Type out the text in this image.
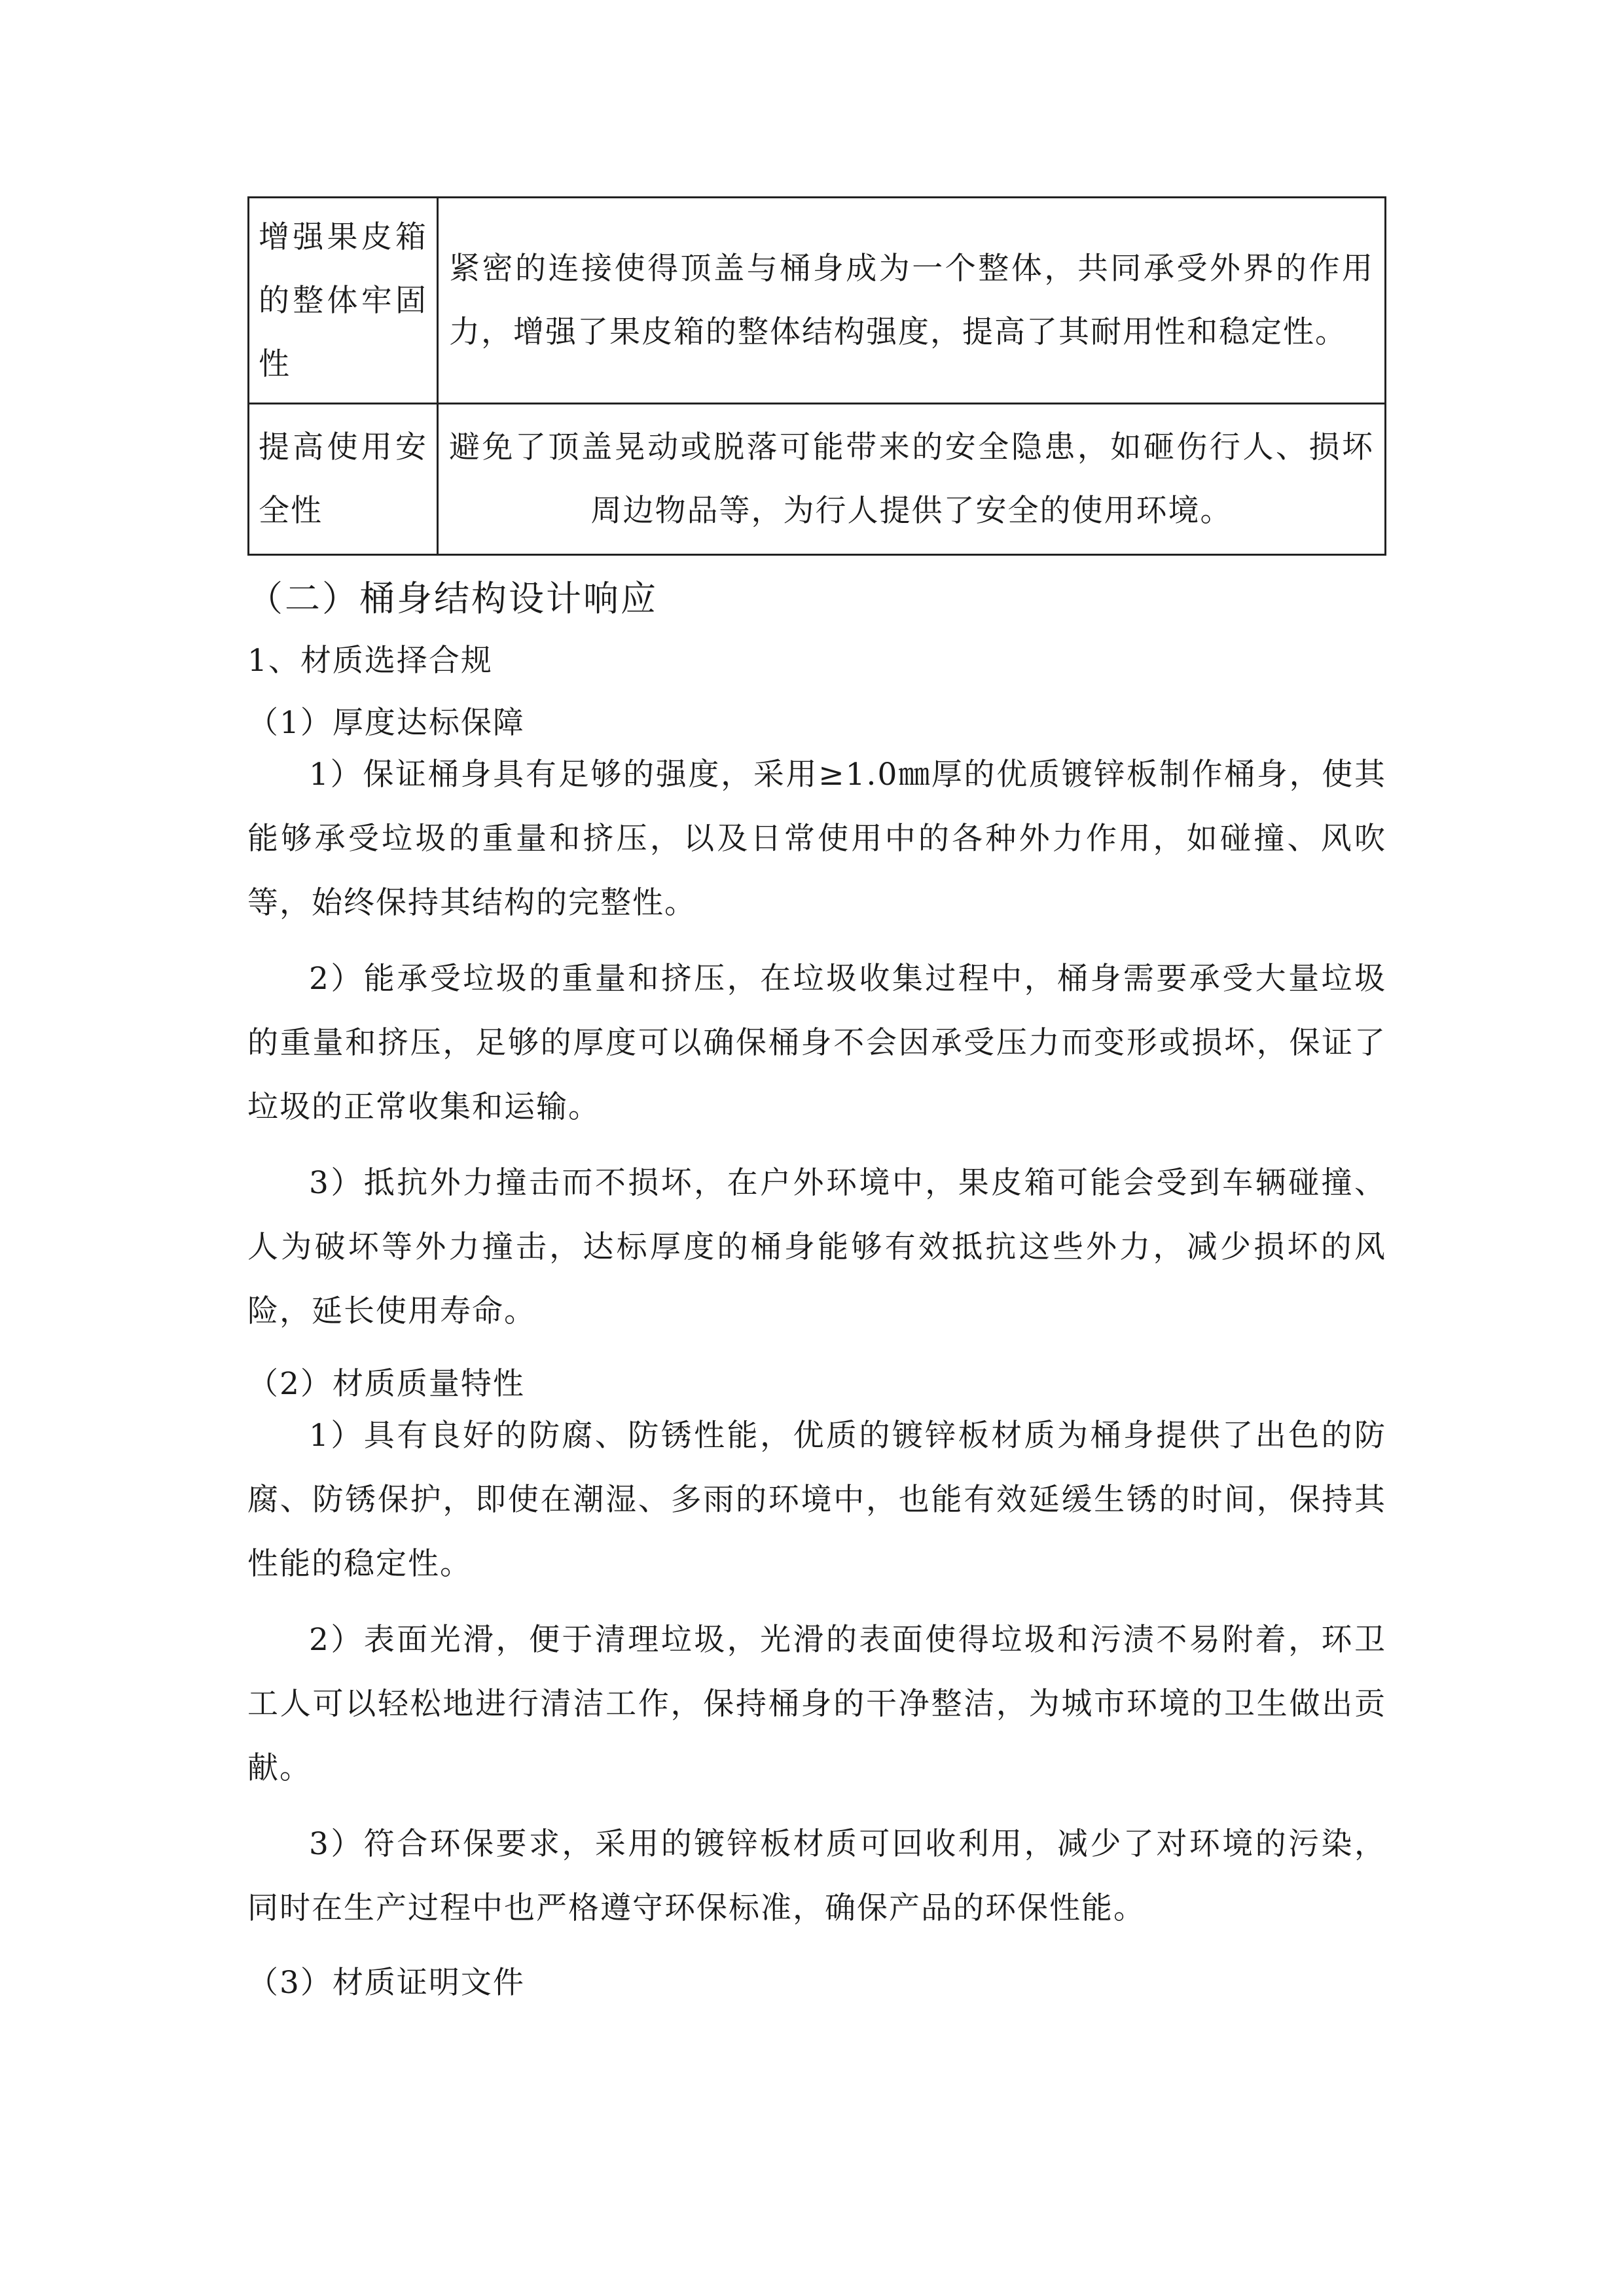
增强果皮箱的整体牢固性	紧密的连接使得顶盖与桶身成为一个整体，共同承受外界的作用力，增强了果皮箱的整体结构强度，提高了其耐用性和稳定性。
提高使用安全性	避免了顶盖晃动或脱落可能带来的安全隐患，如砸伤行人、损坏周边物品等，为行人提供了安全的使用环境。
（二）桶身结构设计响应
1、材质选择合规
（1）厚度达标保障

1）保证桶身具有足够的强度，采用≥1.0㎜厚的优质镀锌板制作桶身，使其能够承受垃圾的重量和挤压，以及日常使用中的各种外力作用，如碰撞、风吹等，始终保持其结构的完整性。

2）能承受垃圾的重量和挤压，在垃圾收集过程中，桶身需要承受大量垃圾的重量和挤压，足够的厚度可以确保桶身不会因承受压力而变形或损坏，保证了垃圾的正常收集和运输。

3）抵抗外力撞击而不损坏，在户外环境中，果皮箱可能会受到车辆碰撞、人为破坏等外力撞击，达标厚度的桶身能够有效抵抗这些外力，减少损坏的风险，延长使用寿命。

（2）材质质量特性

1）具有良好的防腐、防锈性能，优质的镀锌板材质为桶身提供了出色的防腐、防锈保护，即使在潮湿、多雨的环境中，也能有效延缓生锈的时间，保持其性能的稳定性。

2）表面光滑，便于清理垃圾，光滑的表面使得垃圾和污渍不易附着，环卫工人可以轻松地进行清洁工作，保持桶身的干净整洁，为城市环境的卫生做出贡献。

3）符合环保要求，采用的镀锌板材质可回收利用，减少了对环境的污染，同时在生产过程中也严格遵守环保标准，确保产品的环保性能。

（3）材质证明文件
